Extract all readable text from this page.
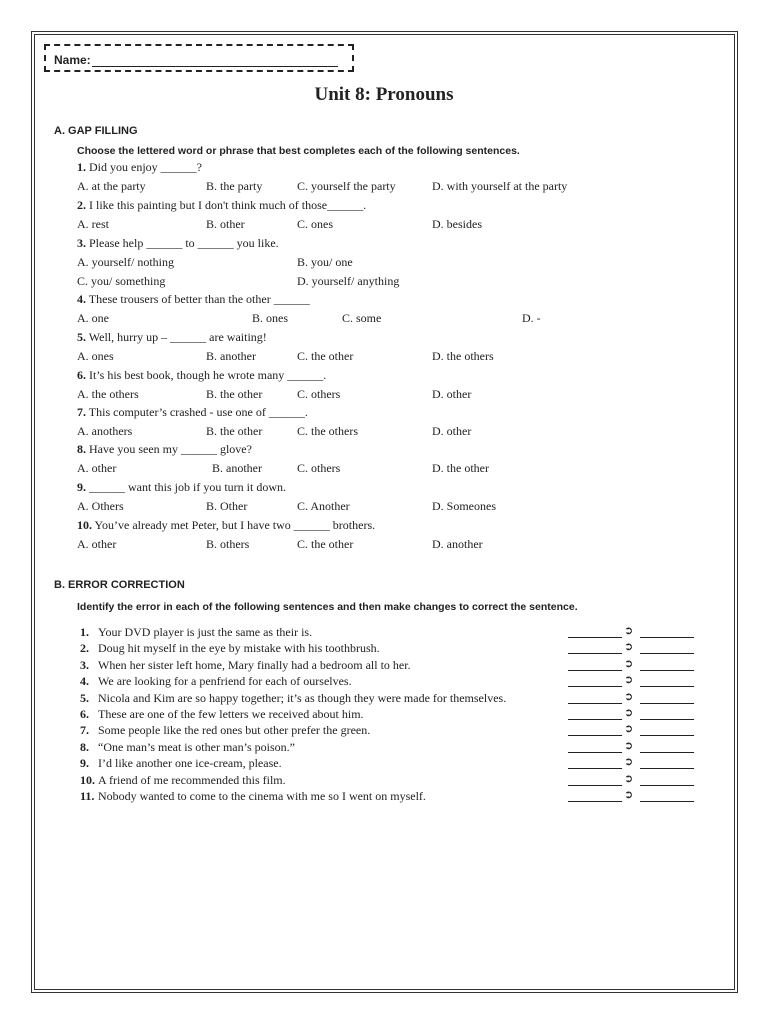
Name:
Unit 8: Pronouns
A. GAP FILLING
Choose the lettered word or phrase that best completes each of the following sentences.
1. Did you enjoy ______?
A. at the party	B. the party	C. yourself the party	D. with yourself at the party
2. I like this painting but I don't think much of those______.
A. rest	B. other	C. ones	D. besides
3. Please help ______ to ______ you like.
A. yourself/ nothing	B. you/ one
C. you/ something	D. yourself/ anything
4. These trousers of better than the other ______
A. one	B. ones	C. some	D. -
5. Well, hurry up – ______ are waiting!
A. ones	B. another	C. the other	D. the others
6. It’s his best book, though he wrote many ______.
A. the others	B. the other	C. others	D. other
7. This computer’s crashed - use one of ______.
A. anothers	B. the other	C. the others	D. other
8. Have you seen my ______ glove?
A. other	B. another	C. others	D. the other
9. ______ want this job if you turn it down.
A. Others	B. Other	C. Another	D. Someones
10. You’ve already met Peter, but I have two ______ brothers.
A. other	B. others	C. the other	D. another
B. ERROR CORRECTION
Identify the error in each of the following sentences and then make changes to correct the sentence.
1. Your DVD player is just the same as their is.	➲
2. Doug hit myself in the eye by mistake with his toothbrush.	➲
3. When her sister left home, Mary finally had a bedroom all to her.	➲
4. We are looking for a penfriend for each of ourselves.	➲
5. Nicola and Kim are so happy together; it’s as though they were made for themselves.	➲
6. These are one of the few letters we received about him.	➲
7. Some people like the red ones but other prefer the green.	➲
8. “One man’s meat is other man’s poison.”	➲
9. I’d like another one ice-cream, please.	➲
10. A friend of me recommended this film.	➲
11. Nobody wanted to come to the cinema with me so I went on myself.	➲
